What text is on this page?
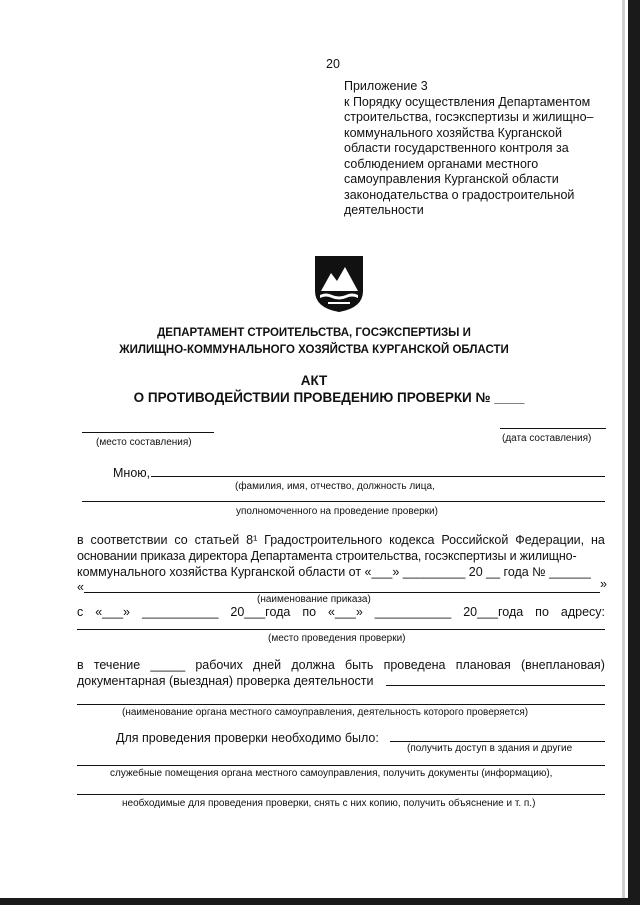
20
Приложение 3
к Порядку осуществления Департаментом
строительства, госэкспертизы и жилищно–
коммунального хозяйства Курганской
области государственного контроля за
соблюдением органами местного
самоуправления Курганской области
законодательства о градостроительной
деятельности
ДЕПАРТАМЕНТ СТРОИТЕЛЬСТВА, ГОСЭКСПЕРТИЗЫ И
ЖИЛИЩНО-КОММУНАЛЬНОГО ХОЗЯЙСТВА КУРГАНСКОЙ ОБЛАСТИ
АКТ
О ПРОТИВОДЕЙСТВИИ ПРОВЕДЕНИЮ ПРОВЕРКИ № ____
(место составления)	(дата составления)
Мною,
(фамилия, имя, отчество, должность лица,
уполномоченного на проведение проверки)
в соответствии со статьей 8¹ Градостроительного кодекса Российской Федерации, на
основании приказа директора Департамента строительства, госэкспертизы и жилищно-
коммунального хозяйства Курганской области от «___» _________ 20 __ года № ______
«	»
(наименование приказа)
с «___» ___________ 20___года по «___» ___________ 20___года по адресу:
(место проведения проверки)
в течение _____ рабочих дней должна быть проведена плановая (внеплановая)
документарная (выездная) проверка деятельности
(наименование органа местного самоуправления, деятельность которого проверяется)
Для проведения проверки необходимо было:
(получить доступ в здания и другие
служебные помещения органа местного самоуправления, получить документы (информацию),
необходимые для проведения проверки, снять с них копию, получить объяснение и т. п.)
